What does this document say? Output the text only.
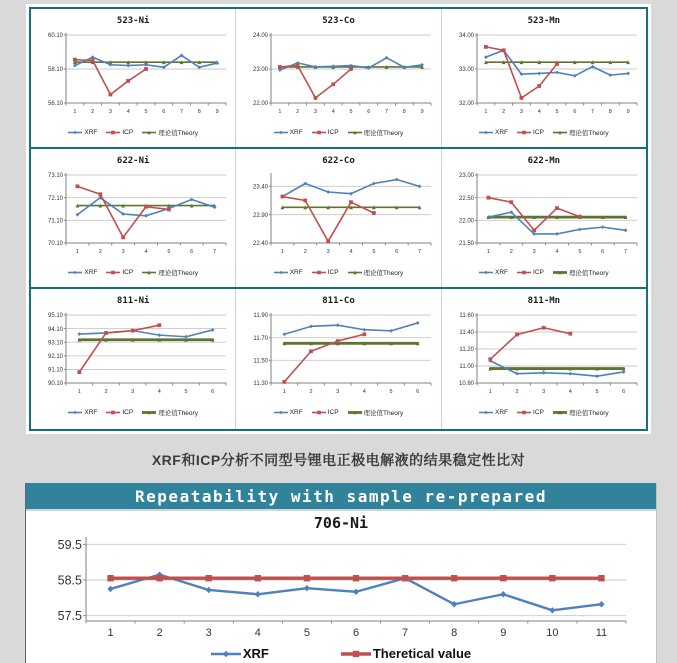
523-Ni
60.10
58.10
56.10
1	2	3	4	5	6	7	8	9
XRF	ICP	理论值Theory
523-Co
24.00
23.00
22.00
1	2	3	4	5	6	7	8	9
XRF	ICP	理论值Theory
523-Mn
34.00
33.00
32.00
1	2	3	4	5	6	7	8	9
XRF	ICP	理论值Theory
622-Ni
73.10
72.10
71.10
70.10
1	2	3	4	5	6	7
XRF	ICP	理论值Theory
622-Co
23.40
22.90
22.40
1	2	3	4	5	6	7
XRF	ICP	理论值Theory
622-Mn
23.00
22.50
22.00
21.50
1	2	3	4	5	6	7
XRF	ICP	理论值Theory
811-Ni
95.10
94.10
93.10
92.10
91.10
90.10
1	2	3	4	5	6
XRF	ICP	理论值Theory
811-Co
11.90
11.70
11.50
11.30
1	2	3	4	5	6
XRF	ICP	理论值Theory
811-Mn
11.60
11.40
11.20
11.00
10.80
1	2	3	4	5	6
XRF	ICP	理论值Theory
XRF和ICP分析不同型号锂电正极电解液的结果稳定性比对
Repeatability with sample re-prepared
706-Ni
59.5
58.5
57.5
1	2	3	4	5	6	7	8	9	10	11
XRF	Theretical value
